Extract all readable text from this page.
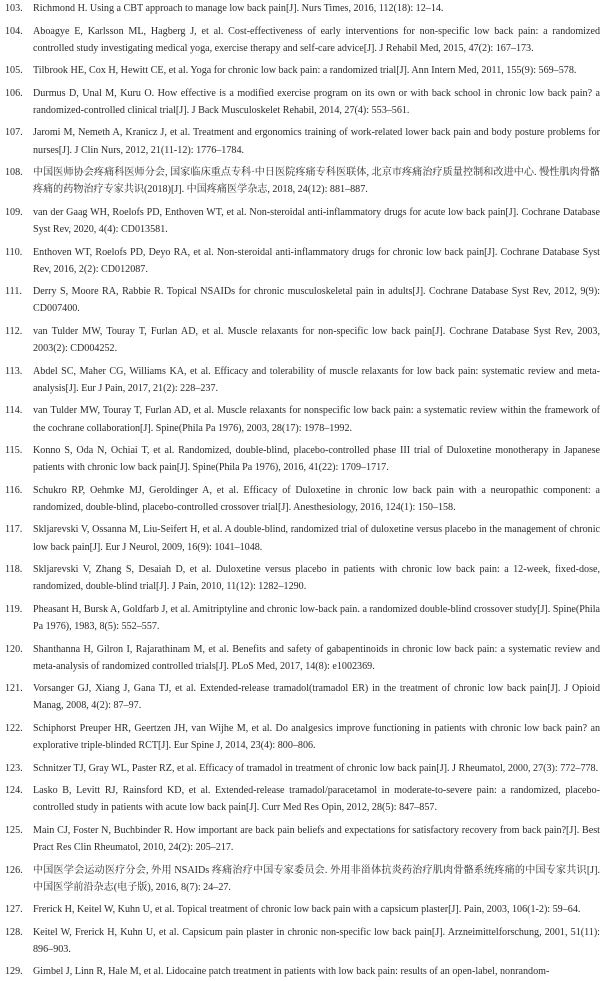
103.	Richmond H. Using a CBT approach to manage low back pain[J]. Nurs Times, 2016, 112(18): 12–14.
104.	Aboagye E, Karlsson ML, Hagberg J, et al. Cost-effectiveness of early interventions for non-specific low back pain: a randomized controlled study investigating medical yoga, exercise therapy and self-care advice[J]. J Rehabil Med, 2015, 47(2): 167–173.
105.	Tilbrook HE, Cox H, Hewitt CE, et al. Yoga for chronic low back pain: a randomized trial[J]. Ann Intern Med, 2011, 155(9): 569–578.
106.	Durmus D, Unal M, Kuru O. How effective is a modified exercise program on its own or with back school in chronic low back pain? a randomized-controlled clinical trial[J]. J Back Musculoskelet Rehabil, 2014, 27(4): 553–561.
107.	Jaromi M, Nemeth A, Kranicz J, et al. Treatment and ergonomics training of work-related lower back pain and body posture problems for nurses[J]. J Clin Nurs, 2012, 21(11-12): 1776–1784.
108.	中国医师协会疼痛科医师分会, 国家临床重点专科·中日医院疼痛专科医联体, 北京市疼痛治疗质量控制和改进中心. 慢性肌肉骨骼疼痛的药物治疗专家共识(2018)[J]. 中国疼痛医学杂志, 2018, 24(12): 881–887.
109.	van der Gaag WH, Roelofs PD, Enthoven WT, et al. Non-steroidal anti-inflammatory drugs for acute low back pain[J]. Cochrane Database Syst Rev, 2020, 4(4): CD013581.
110.	Enthoven WT, Roelofs PD, Deyo RA, et al. Non-steroidal anti-inflammatory drugs for chronic low back pain[J]. Cochrane Database Syst Rev, 2016, 2(2): CD012087.
111.	Derry S, Moore RA, Rabbie R. Topical NSAIDs for chronic musculoskeletal pain in adults[J]. Cochrane Database Syst Rev, 2012, 9(9): CD007400.
112.	van Tulder MW, Touray T, Furlan AD, et al. Muscle relaxants for non-specific low back pain[J]. Cochrane Database Syst Rev, 2003, 2003(2): CD004252.
113.	Abdel SC, Maher CG, Williams KA, et al. Efficacy and tolerability of muscle relaxants for low back pain: systematic review and meta-analysis[J]. Eur J Pain, 2017, 21(2): 228–237.
114.	van Tulder MW, Touray T, Furlan AD, et al. Muscle relaxants for nonspecific low back pain: a systematic review within the framework of the cochrane collaboration[J]. Spine(Phila Pa 1976), 2003, 28(17): 1978–1992.
115.	Konno S, Oda N, Ochiai T, et al. Randomized, double-blind, placebo-controlled phase III trial of Duloxetine monotherapy in Japanese patients with chronic low back pain[J]. Spine(Phila Pa 1976), 2016, 41(22): 1709–1717.
116.	Schukro RP, Oehmke MJ, Geroldinger A, et al. Efficacy of Duloxetine in chronic low back pain with a neuropathic component: a randomized, double-blind, placebo-controlled crossover trial[J]. Anesthesiology, 2016, 124(1): 150–158.
117.	Skljarevski V, Ossanna M, Liu-Seifert H, et al. A double-blind, randomized trial of duloxetine versus placebo in the management of chronic low back pain[J]. Eur J Neurol, 2009, 16(9): 1041–1048.
118.	Skljarevski V, Zhang S, Desaiah D, et al. Duloxetine versus placebo in patients with chronic low back pain: a 12-week, fixed-dose, randomized, double-blind trial[J]. J Pain, 2010, 11(12): 1282–1290.
119.	Pheasant H, Bursk A, Goldfarb J, et al. Amitriptyline and chronic low-back pain. a randomized double-blind crossover study[J]. Spine(Phila Pa 1976), 1983, 8(5): 552–557.
120.	Shanthanna H, Gilron I, Rajarathinam M, et al. Benefits and safety of gabapentinoids in chronic low back pain: a systematic review and meta-analysis of randomized controlled trials[J]. PLoS Med, 2017, 14(8): e1002369.
121.	Vorsanger GJ, Xiang J, Gana TJ, et al. Extended-release tramadol(tramadol ER) in the treatment of chronic low back pain[J]. J Opioid Manag, 2008, 4(2): 87–97.
122.	Schiphorst Preuper HR, Geertzen JH, van Wijhe M, et al. Do analgesics improve functioning in patients with chronic low back pain? an explorative triple-blinded RCT[J]. Eur Spine J, 2014, 23(4): 800–806.
123.	Schnitzer TJ, Gray WL, Paster RZ, et al. Efficacy of tramadol in treatment of chronic low back pain[J]. J Rheumatol, 2000, 27(3): 772–778.
124.	Lasko B, Levitt RJ, Rainsford KD, et al. Extended-release tramadol/paracetamol in moderate-to-severe pain: a randomized, placebo-controlled study in patients with acute low back pain[J]. Curr Med Res Opin, 2012, 28(5): 847–857.
125.	Main CJ, Foster N, Buchbinder R. How important are back pain beliefs and expectations for satisfactory recovery from back pain?[J]. Best Pract Res Clin Rheumatol, 2010, 24(2): 205–217.
126.	中国医学会运动医疗分会, 外用 NSAIDs 疼痛治疗中国专家委员会. 外用非甾体抗炎药治疗肌肉骨骼系统疼痛的中国专家共识[J]. 中国医学前沿杂志(电子版), 2016, 8(7): 24–27.
127.	Frerick H, Keitel W, Kuhn U, et al. Topical treatment of chronic low back pain with a capsicum plaster[J]. Pain, 2003, 106(1-2): 59–64.
128.	Keitel W, Frerick H, Kuhn U, et al. Capsicum pain plaster in chronic non-specific low back pain[J]. Arzneimittelforschung, 2001, 51(11): 896–903.
129.	Gimbel J, Linn R, Hale M, et al. Lidocaine patch treatment in patients with low back pain: results of an open-label, nonrandom-
